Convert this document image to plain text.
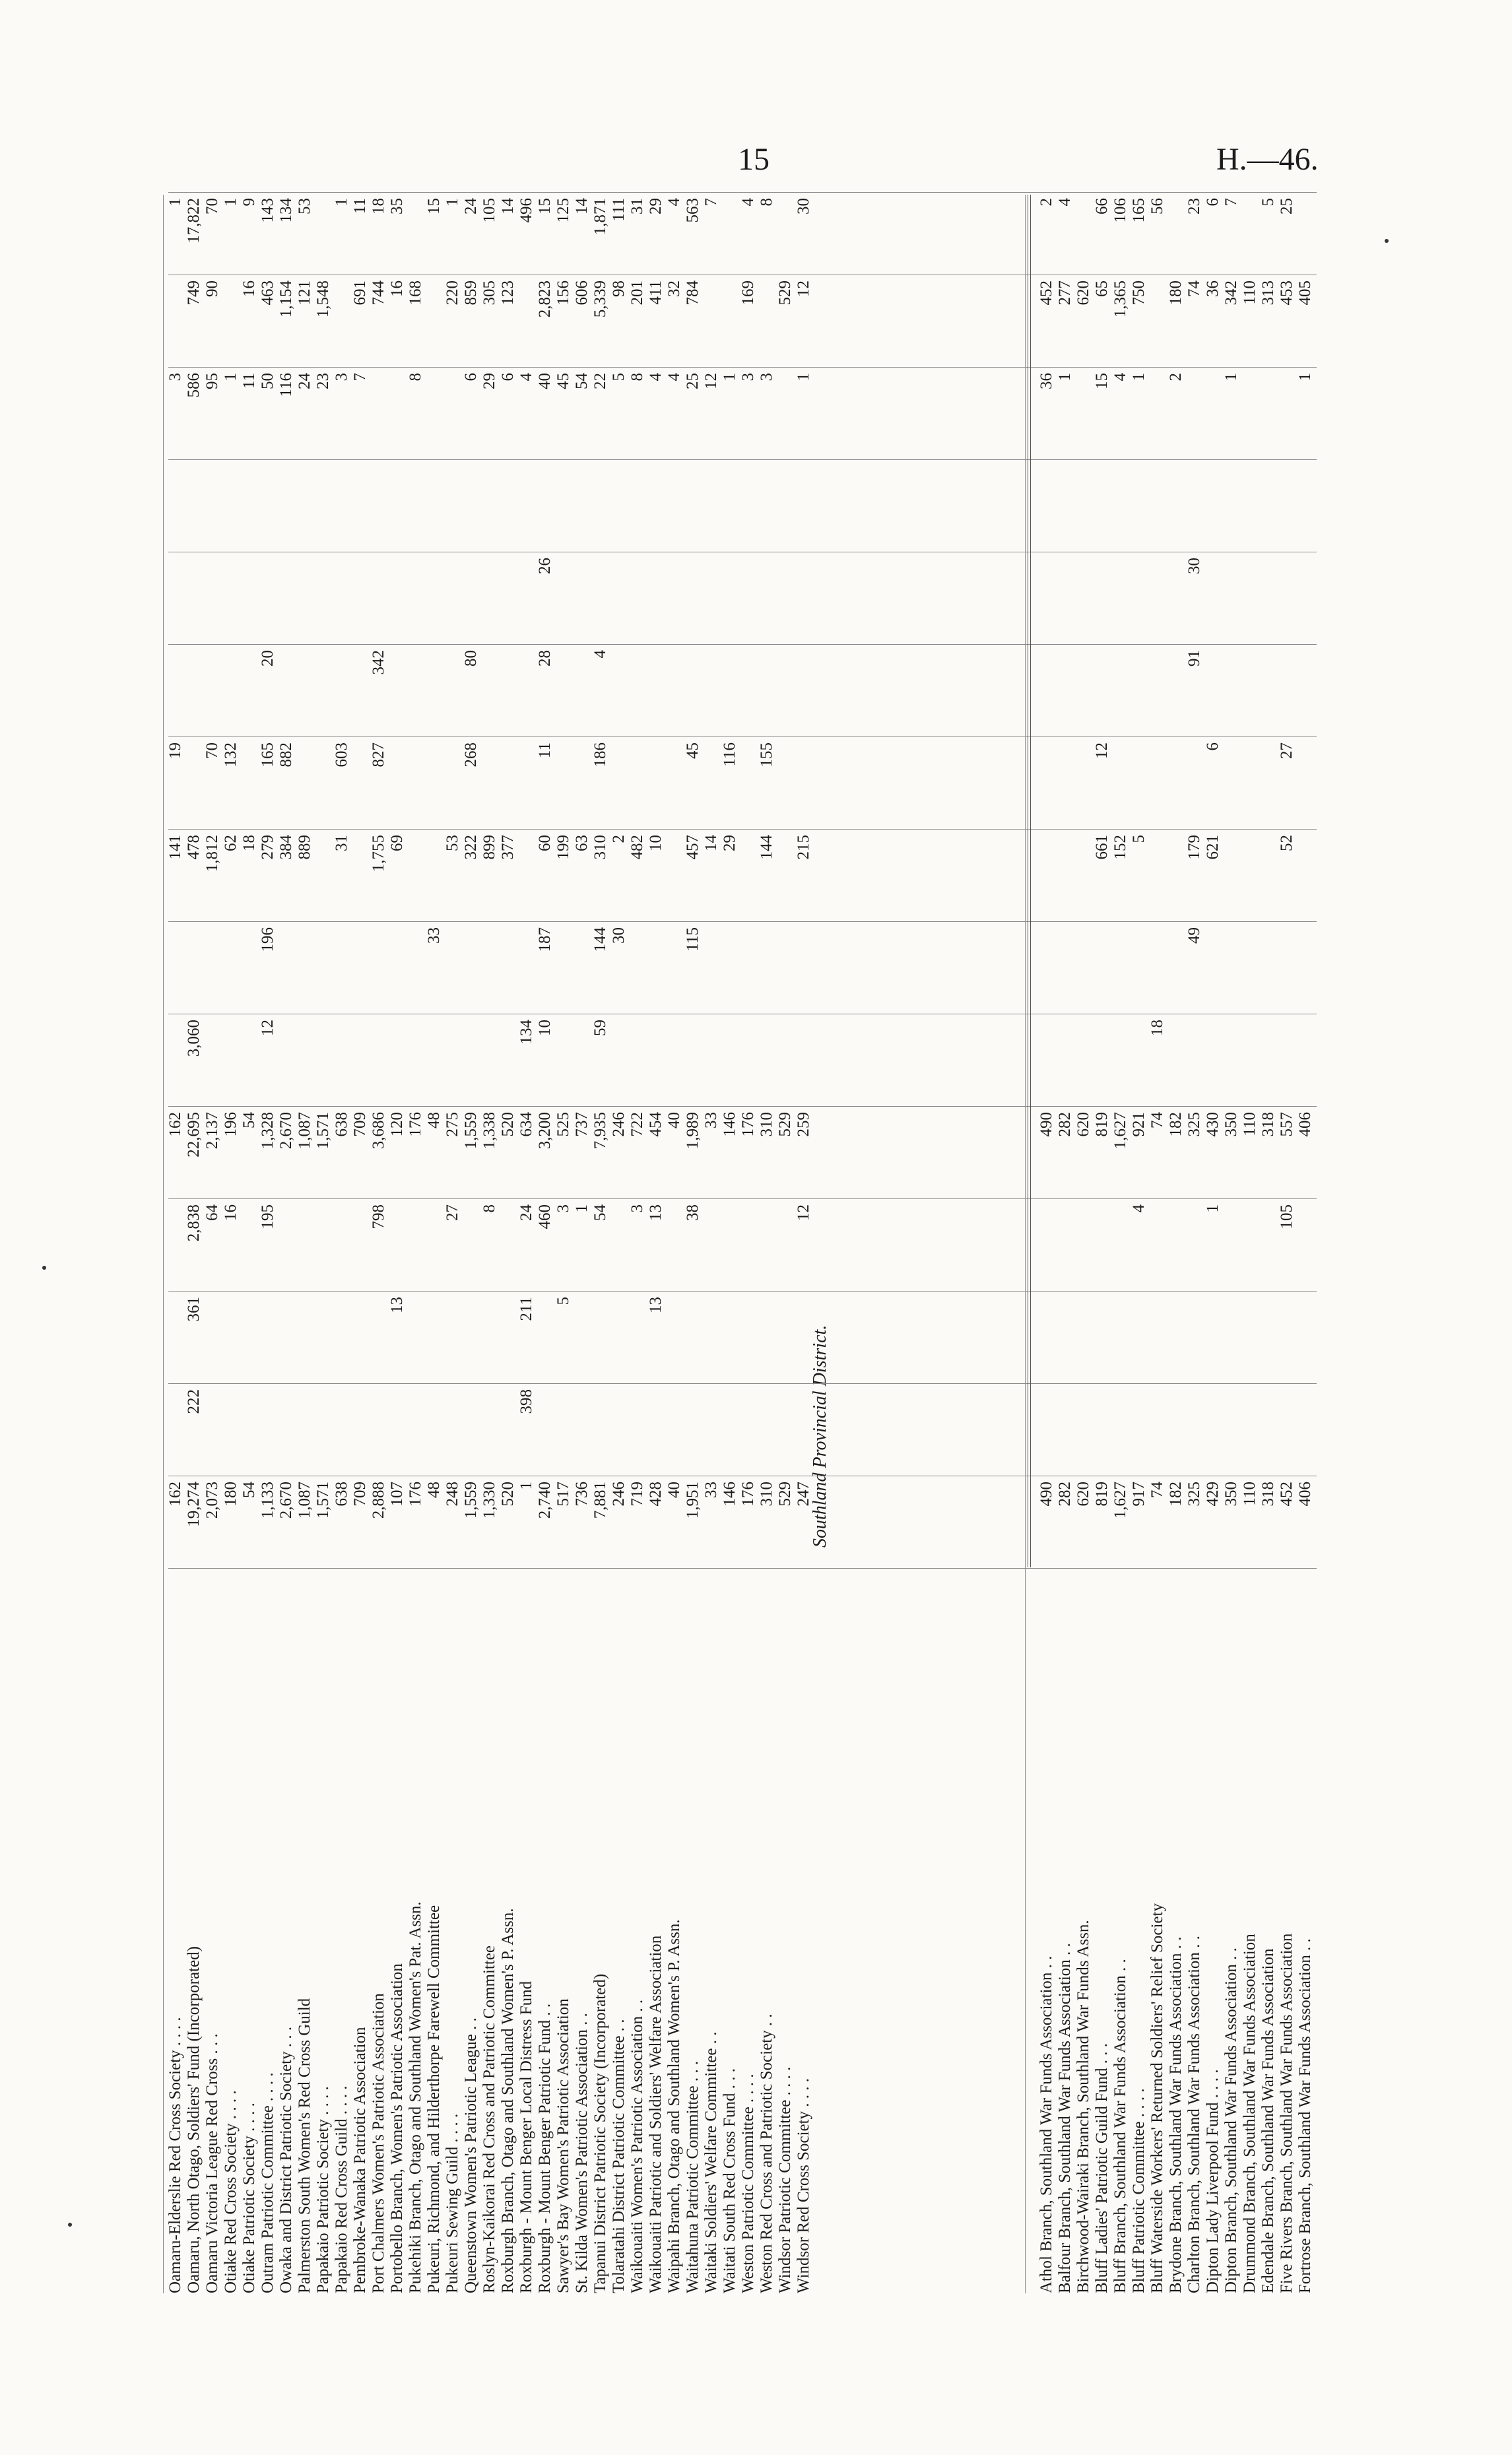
15	H.—46.
Southland Provincial District.
Oamaru-Elderslie Red Cross Society . . . .
162
162
141
19
3
1
Oamaru, North Otago, Soldiers' Fund (Incorporated)
19,274
222
361
2,838
22,695
3,060
478
586
749
17,822
Oamaru Victoria League Red Cross . . .
2,073
64
2,137
1,812
70
95
90
70
Otiake Red Cross Society . . . .
180
16
196
62
132
1
1
Otiake Patriotic Society . . . .
54
54
18
11
16
9
Outram Patriotic Committee . . . .
1,133
195
1,328
12
196
279
165
20
50
463
143
Owaka and District Patriotic Society . . .
2,670
2,670
384
882
116
1,154
134
Palmerston South Women's Red Cross Guild
1,087
1,087
889
24
121
53
Papakaio Patriotic Society . . . .
1,571
1,571
23
1,548
Papakaio Red Cross Guild . . . .
638
638
31
603
3
1
Pembroke-Wanaka Patriotic Association
709
709
7
691
11
Port Chalmers Women's Patriotic Association
2,888
798
3,686
1,755
827
342
744
18
Portobello Branch, Women's Patriotic Association
107
13
120
69
16
35
Pukehiki Branch, Otago and Southland Women's Pat. Assn.
176
176
8
168
Pukeuri, Richmond, and Hilderthorpe Farewell Committee
48
48
33
15
Pukeuri Sewing Guild . . . .
248
27
275
53
220
1
Queenstown Women's Patriotic League . .
1,559
1,559
322
268
80
6
859
24
Roslyn-Kaikorai Red Cross and Patriotic Committee
1,330
8
1,338
899
29
305
105
Roxburgh Branch, Otago and Southland Women's P. Assn.
520
520
377
6
123
14
Roxburgh - Mount Benger Local Distress Fund
1
398
211
24
634
134
4
496
Roxburgh - Mount Benger Patriotic Fund . .
2,740
460
3,200
10
187
60
11
28
26
40
2,823
15
Sawyer's Bay Women's Patriotic Association
517
5
3
525
199
45
156
125
St. Kilda Women's Patriotic Association . .
736
1
737
63
54
606
14
Tapanui District Patriotic Society (Incorporated)
7,881
54
7,935
59
144
310
186
4
22
5,339
1,871
Tolaratahi District Patriotic Committee . .
246
246
30
2
5
98
111
Waikouaiti Women's Patriotic Association . .
719
3
722
482
8
201
31
Waikouaiti Patriotic and Soldiers' Welfare Association
428
13
13
454
10
4
411
29
Waipahi Branch, Otago and Southland Women's P. Assn.
40
40
4
32
4
Waitahuna Patriotic Committee . . .
1,951
38
1,989
115
457
45
25
784
563
Waitaki Soldiers' Welfare Committee . .
33
33
14
12
7
Waitati South Red Cross Fund . . .
146
146
29
116
1
Weston Patriotic Committee . . . .
176
176
3
169
4
Weston Red Cross and Patriotic Society . .
310
310
144
155
3
8
Windsor Patriotic Committee . . . .
529
529
529
Windsor Red Cross Society . . . .
247
12
259
215
1
12
30
Athol Branch, Southland War Funds Association . .
490
490
36
452
2
Balfour Branch, Southland War Funds Association . .
282
282
1
277
4
Birchwood-Wairaki Branch, Southland War Funds Assn.
620
620
620
Bluff Ladies' Patriotic Guild Fund . . .
819
819
661
12
15
65
66
Bluff Branch, Southland War Funds Association . .
1,627
1,627
152
4
1,365
106
Bluff Patriotic Committee . . . .
917
4
921
5
1
750
165
Bluff Waterside Workers' Returned Soldiers' Relief Society
74
74
18
56
Brydone Branch, Southland War Funds Association . .
182
182
2
180
Charlton Branch, Southland War Funds Association . .
325
325
49
179
91
30
74
23
Dipton Lady Liverpool Fund . . . .
429
1
430
621
6
36
6
Dipton Branch, Southland War Funds Association . .
350
350
1
342
7
Drummond Branch, Southland War Funds Association
110
110
110
Edendale Branch, Southland War Funds Association
318
318
313
5
Five Rivers Branch, Southland War Funds Association
452
105
557
52
27
453
25
Fortrose Branch, Southland War Funds Association . .
406
406
1
405
